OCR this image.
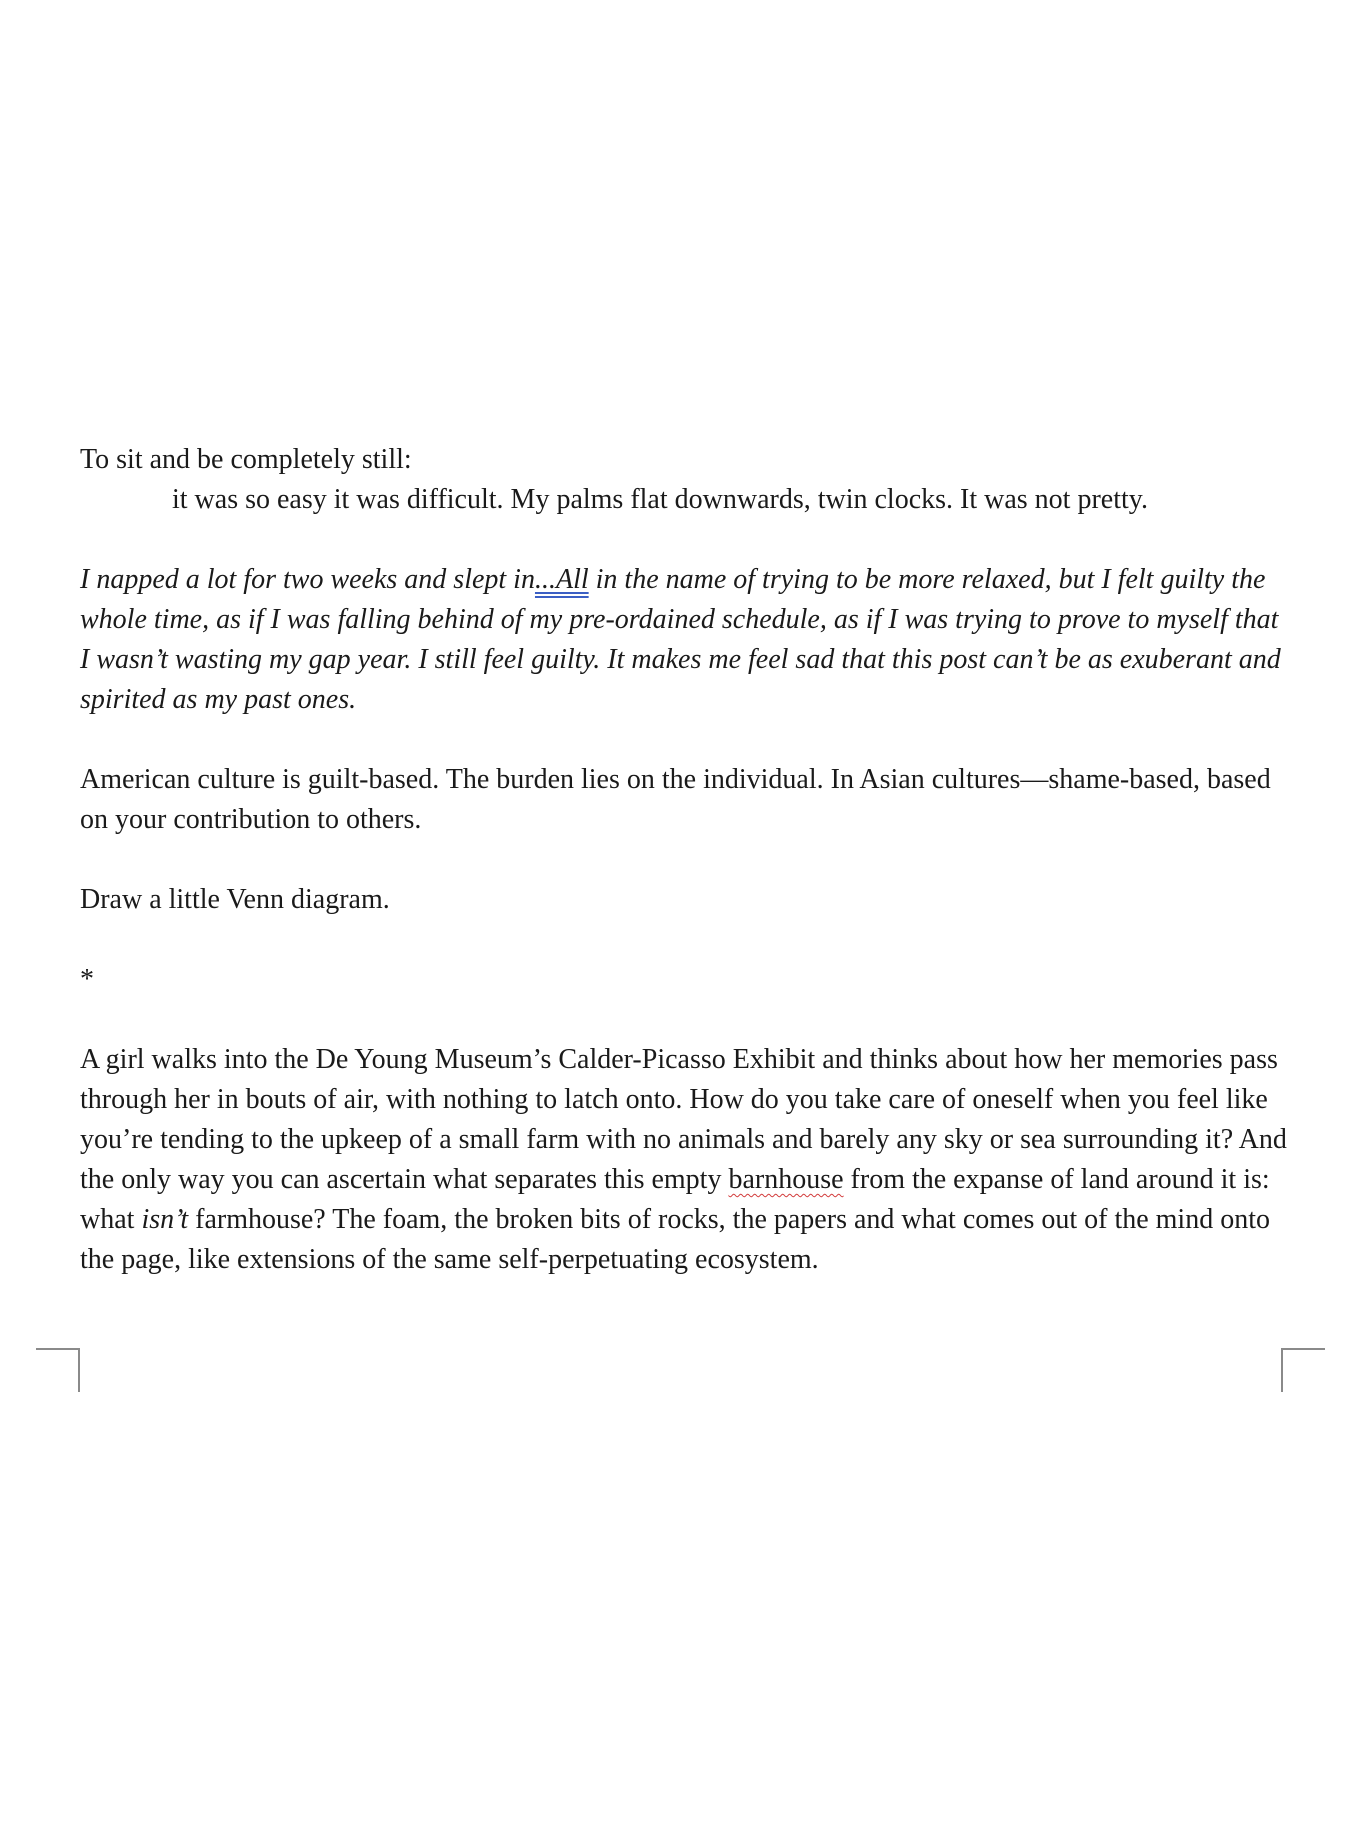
To sit and be completely still:

it was so easy it was difficult. My palms flat downwards, twin clocks. It was not pretty.

I napped a lot for two weeks and slept in...All in the name of trying to be more relaxed, but I felt guilty the whole time, as if I was falling behind of my pre-ordained schedule, as if I was trying to prove to myself that I wasn’t wasting my gap year. I still feel guilty. It makes me feel sad that this post can’t be as exuberant and spirited as my past ones.

American culture is guilt-based. The burden lies on the individual. In Asian cultures—shame-based, based on your contribution to others.

Draw a little Venn diagram.

*

A girl walks into the De Young Museum’s Calder-Picasso Exhibit and thinks about how her memories pass through her in bouts of air, with nothing to latch onto. How do you take care of oneself when you feel like you’re tending to the upkeep of a small farm with no animals and barely any sky or sea surrounding it? And the only way you can ascertain what separates this empty barnhouse from the expanse of land around it is: what isn’t farmhouse? The foam, the broken bits of rocks, the papers and what comes out of the mind onto the page, like extensions of the same self-perpetuating ecosystem.
